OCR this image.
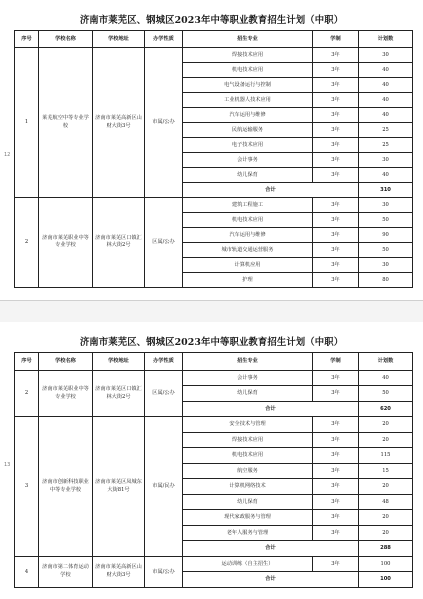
济南市莱芜区、钢城区2023年中等职业教育招生计划（中职）
12
序号	学校名称	学校地址	办学性质	招生专业	学制	计划数
1	莱芜航空中等专业学校	济南市莱芜高新区山财大街3号	市属/公办	焊接技术应用	3年	30
				机电技术应用	3年	40
				电气设备运行与控制	3年	40
				工业机器人技术应用	3年	40
				汽车运用与维修	3年	40
				民航运输服务	3年	25
				电子技术应用	3年	25
				会计事务	3年	30
				幼儿保育	3年	40
				合计		310
2	济南市莱芜职业中等专业学校	济南市莱芜区口镇汇林大街2号	区属/公办	建筑工程施工	3年	30
				机电技术应用	3年	50
				汽车运用与维修	3年	90
				城市轨道交通运营服务	3年	50
				计算机应用	3年	30
				护理	3年	80
济南市莱芜区、钢城区2023年中等职业教育招生计划（中职）
13
序号	学校名称	学校地址	办学性质	招生专业	学制	计划数
2	济南市莱芜职业中等专业学校	济南市莱芜区口镇汇林大街2号	区属/公办	会计事务	3年	40
				幼儿保育	3年	50
				合计		620
3	济南市创新科技职业中等专业学校	济南市莱芜区凤城东大街81号	市属/民办	安全技术与管理	3年	20
				焊接技术应用	3年	20
				机电技术应用	3年	115
				航空服务	3年	15
				计算机网络技术	3年	20
				幼儿保育	3年	48
				现代家政服务与管理	3年	20
				老年人服务与管理	3年	20
				合计		288
4	济南市第二体育运动学校	济南市莱芜高新区山财大街3号	市属/公办	运动训练（自主招生）	3年	100
				合计		100
